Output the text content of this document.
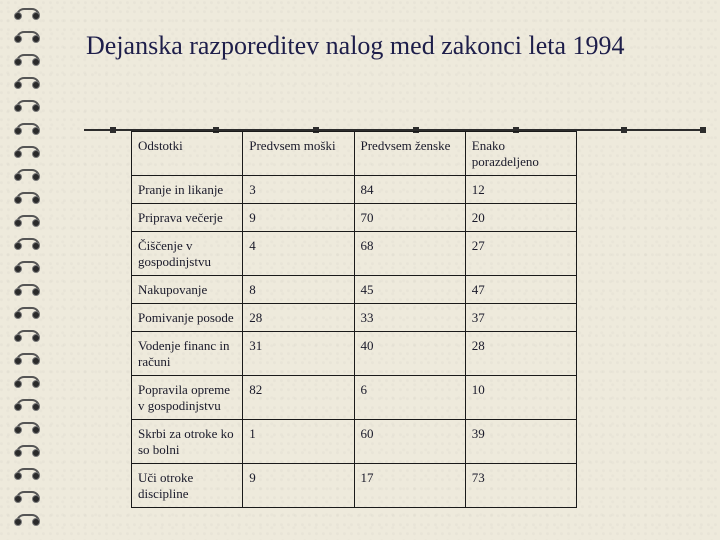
Dejanska razporeditev nalog med zakonci leta 1994
Odstotki	Predvsem moški	Predvsem ženske	Enako porazdeljeno
Pranje in likanje	3	84	12
Priprava večerje	9	70	20
Čiščenje v gospodinjstvu	4	68	27
Nakupovanje	8	45	47
Pomivanje posode	28	33	37
Vodenje financ in računi	31	40	28
Popravila opreme v gospodinjstvu	82	6	10
Skrbi za otroke ko so bolni	1	60	39
Uči otroke discipline	9	17	73
